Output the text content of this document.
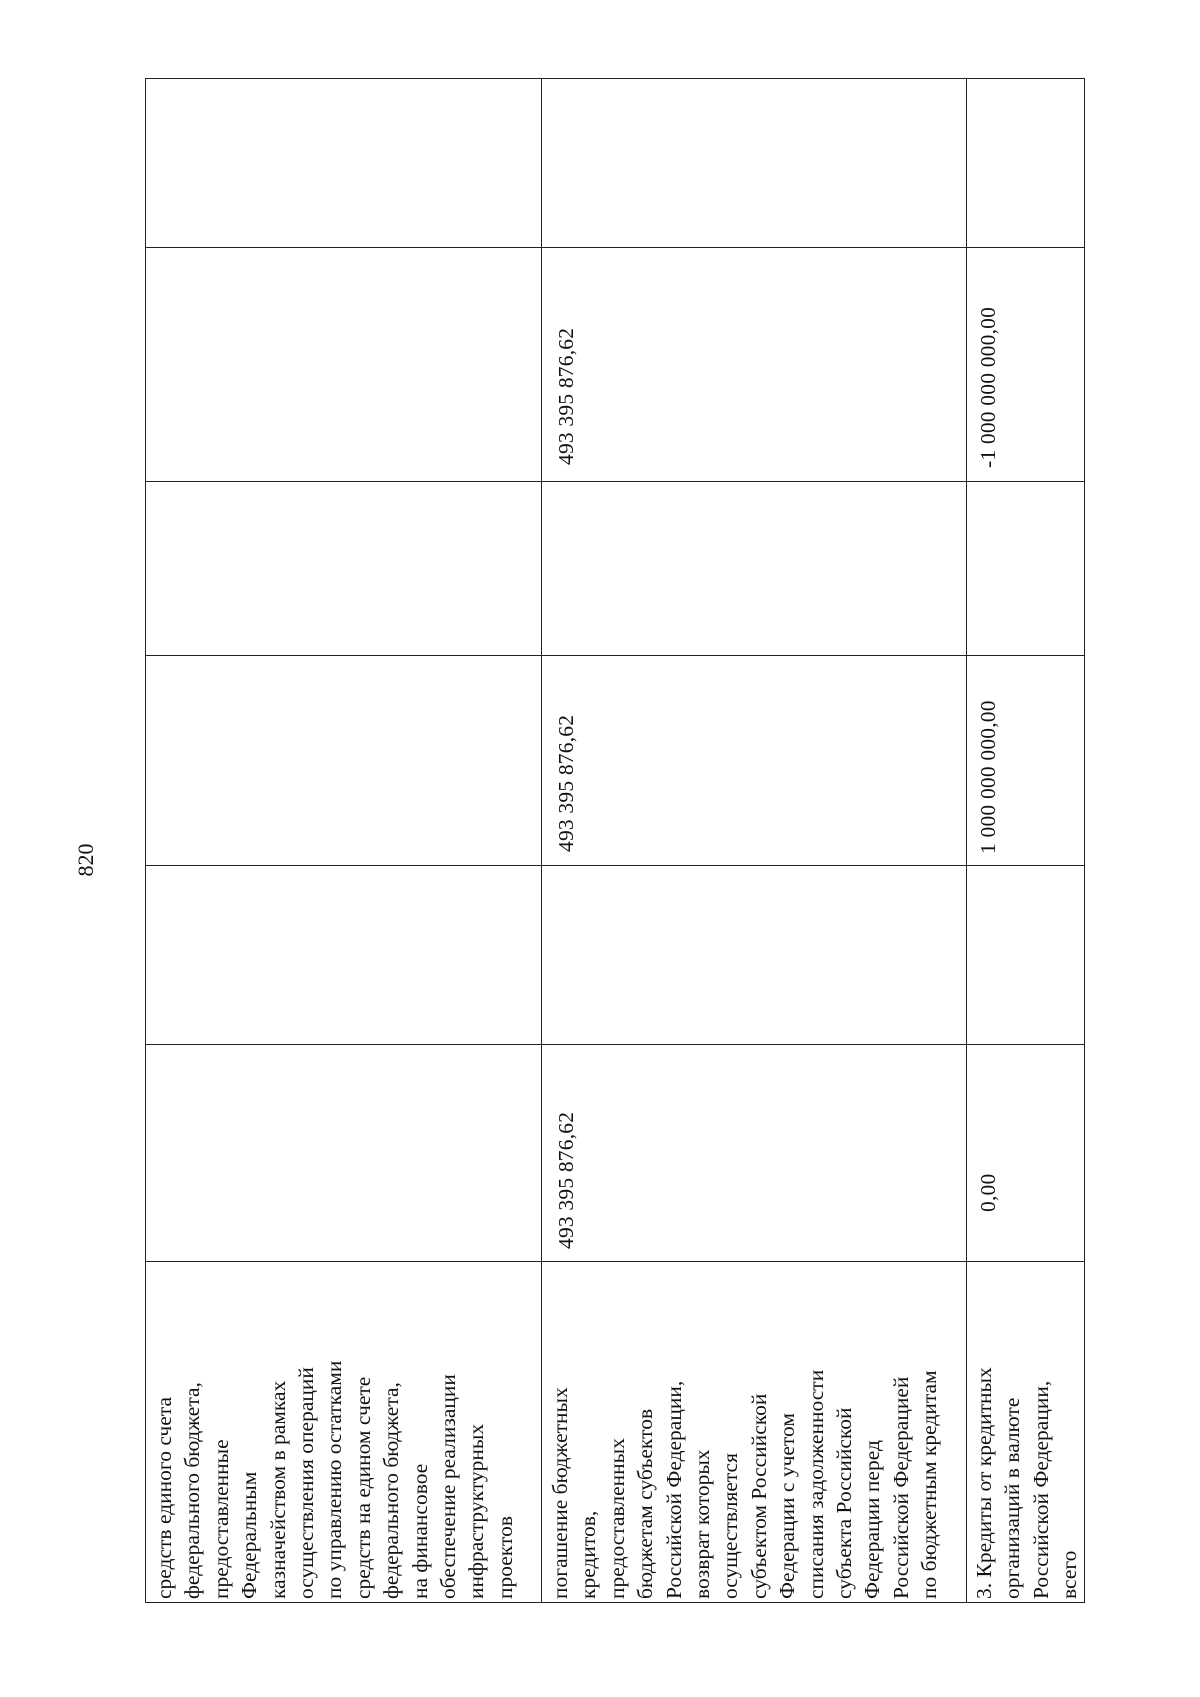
820
средств единого счета федерального бюджета, предоставленные Федеральным казначейством в рамках осуществления операций по управлению остатками средств на едином счете федерального бюджета, на финансовое обеспечение реализации инфраструктурных проектов погашение бюджетных кредитов, предоставленных бюджетам субъектов Российской Федерации, возврат которых осуществляется субъектом Российской Федерации с учетом списания задолженности субъекта Российской Федерации перед Российской Федерацией по бюджетным кредитам 3. Кредиты от кредитных организаций в валюте Российской Федерации, всего
493 395 876,62
493 395 876,62
493 395 876,62
0,00
1 000 000 000,00
-1 000 000 000,00
